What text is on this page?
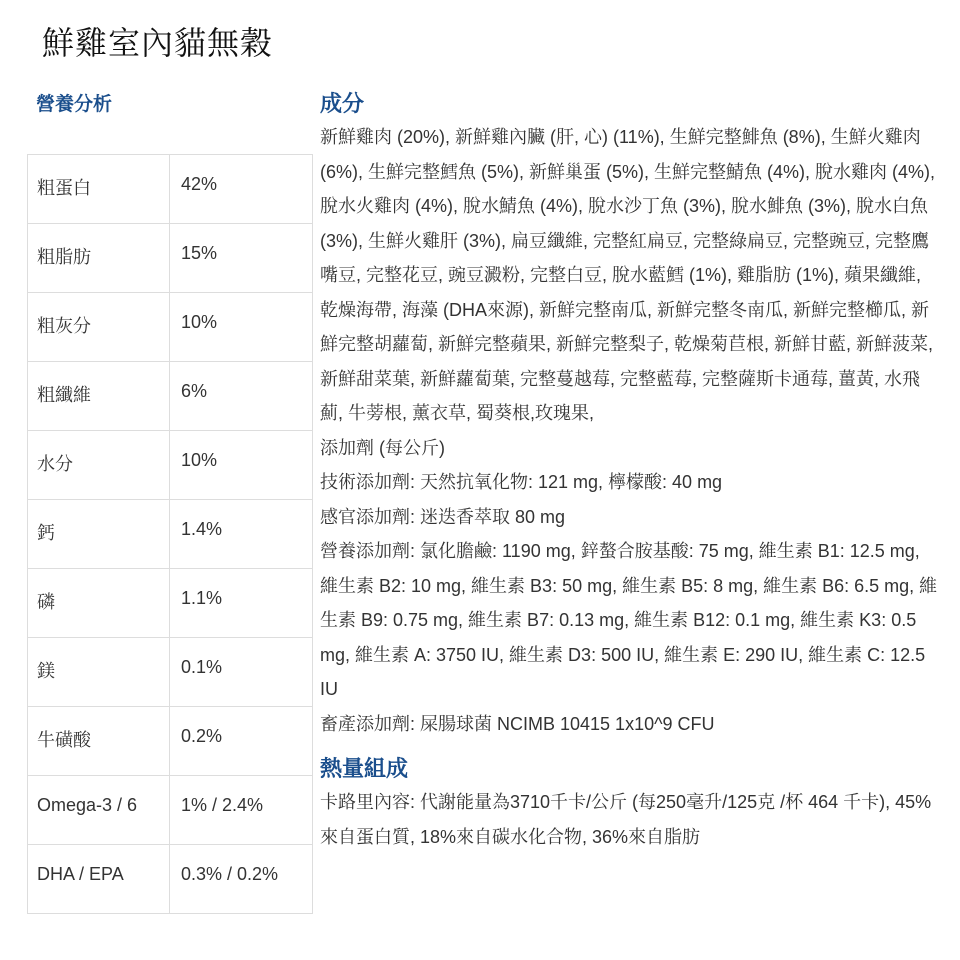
鮮雞室內貓無穀
營養分析
粗蛋白	42%
粗脂肪	15%
粗灰分	10%
粗纖維	6%
水分	10%
鈣	1.4%
磷	1.1%
鎂	0.1%
牛磺酸	0.2%
Omega-3 / 6	1% / 2.4%
DHA / EPA	0.3% / 0.2%
成分

新鮮雞肉 (20%), 新鮮雞內臟 (肝, 心) (11%), 生鮮完整鯡魚 (8%), 生鮮火雞肉 (6%), 生鮮完整鱈魚 (5%), 新鮮巢蛋 (5%), 生鮮完整鯖魚 (4%), 脫水雞肉 (4%), 脫水火雞肉 (4%), 脫水鯖魚 (4%), 脫水沙丁魚 (3%), 脫水鯡魚 (3%), 脫水白魚 (3%), 生鮮火雞肝 (3%), 扁豆纖維, 完整紅扁豆, 完整綠扁豆, 完整豌豆, 完整鷹嘴豆, 完整花豆, 豌豆澱粉, 完整白豆, 脫水藍鱈 (1%), 雞脂肪 (1%), 蘋果纖維, 乾燥海帶, 海藻 (DHA來源), 新鮮完整南瓜, 新鮮完整冬南瓜, 新鮮完整櫛瓜, 新鮮完整胡蘿蔔, 新鮮完整蘋果, 新鮮完整梨子, 乾燥菊苣根, 新鮮甘藍, 新鮮菠菜, 新鮮甜菜葉, 新鮮蘿蔔葉, 完整蔓越莓, 完整藍莓, 完整薩斯卡通莓, 薑黃, 水飛薊, 牛蒡根, 薰衣草, 蜀葵根,玫瑰果,

添加劑 (每公斤)

技術添加劑: 天然抗氧化物: 121 mg, 檸檬酸: 40 mg

感官添加劑: 迷迭香萃取 80 mg

營養添加劑: 氯化膽鹼: 1190 mg, 鋅螯合胺基酸: 75 mg, 維生素 B1: 12.5 mg, 維生素 B2: 10 mg, 維生素 B3: 50 mg, 維生素 B5: 8 mg, 維生素 B6: 6.5 mg, 維生素 B9: 0.75 mg, 維生素 B7: 0.13 mg, 維生素 B12: 0.1 mg, 維生素 K3: 0.5 mg, 維生素 A: 3750 IU, 維生素 D3: 500 IU, 維生素 E: 290 IU, 維生素 C: 12.5 IU

畜產添加劑: 屎腸球菌 NCIMB 10415 1x10^9 CFU

熱量組成

卡路里內容: 代謝能量為3710千卡/公斤 (每250毫升/125克 /杯 464 千卡), 45%來自蛋白質, 18%來自碳水化合物, 36%來自脂肪
